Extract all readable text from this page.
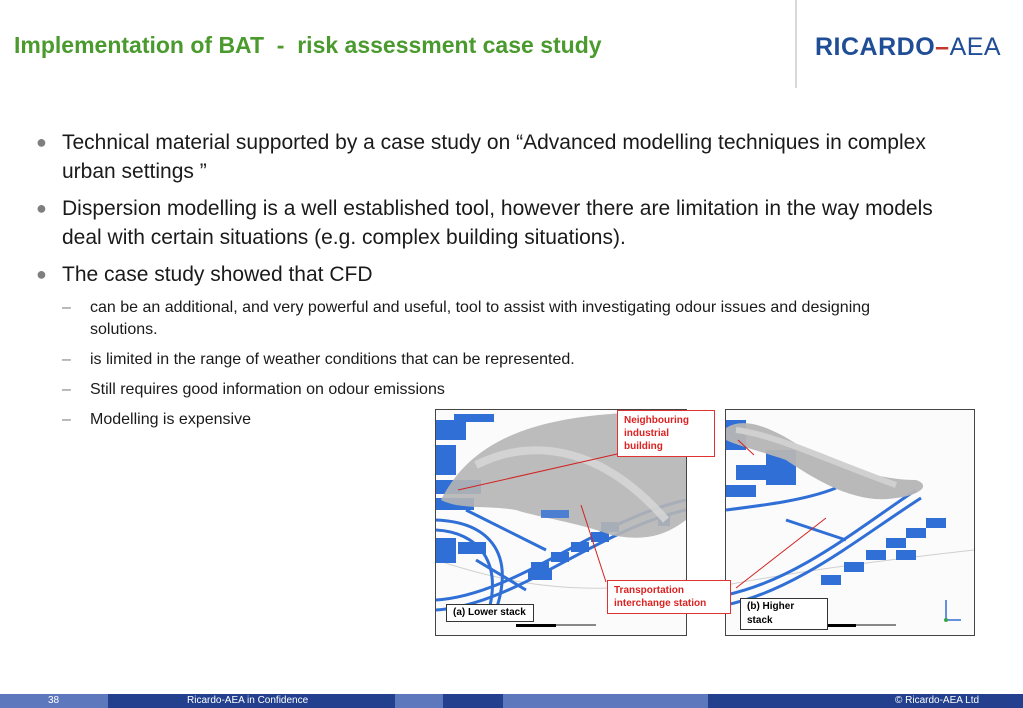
Implementation of BAT  -  risk assessment case study	RICARDO–AEA
● Technical material supported by a case study on “Advanced modelling techniques in complex urban settings ”
● Dispersion modelling is a well established tool, however there are limitation in the way models deal with certain situations (e.g. complex building situations).
● The case study showed that CFD
– can be an additional, and very powerful and useful, tool to assist with investigating odour issues and designing solutions.
– is limited in the range of weather conditions that can be represented.
– Still requires good information on odour emissions
– Modelling is expensive	Neighbouring industrial building
Transportation interchange station
(a) Lower stack
(b) Higher stack
38	Ricardo-AEA in Confidence	© Ricardo-AEA Ltd
